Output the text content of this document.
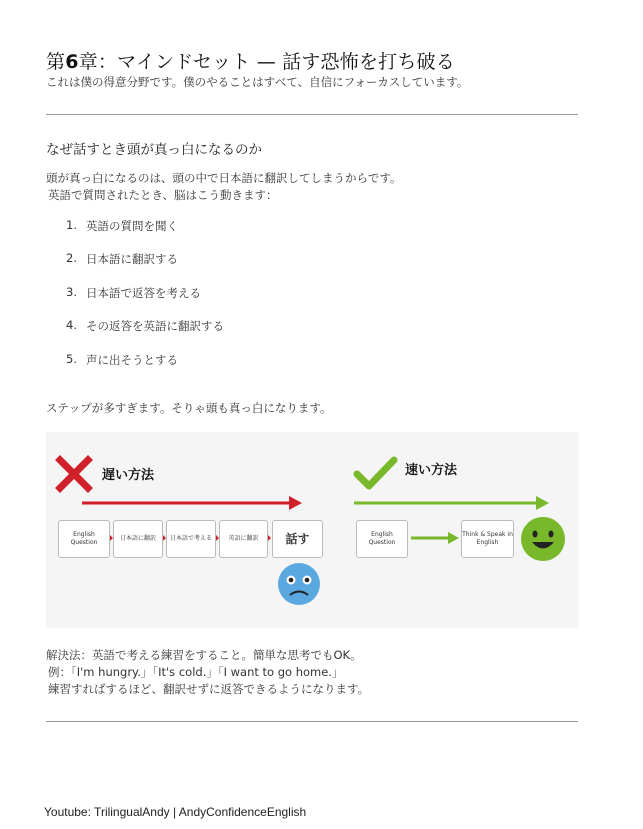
第6章：マインドセット — 話す恐怖を打ち破る
これは僕の得意分野です。僕のやることはすべて、自信にフォーカスしています。
なぜ話すとき頭が真っ白になるのか
頭が真っ白になるのは、頭の中で日本語に翻訳してしまうからです。
英語で質問されたとき、脳はこう動きます：
1. 英語の質問を聞く
2. 日本語に翻訳する
3. 日本語で返答を考える
4. その返答を英語に翻訳する
5. 声に出そうとする
ステップが多すぎます。そりゃ頭も真っ白になります。
遅い方法	速い方法
English Question
日本語に翻訳 日本語で考える	英語に翻訳 話す	English Question
Think & Speak in English
解決法：英語で考える練習をすること。簡単な思考でもOK。
例：「I'm hungry.」「It's cold.」「I want to go home.」
練習すればするほど、翻訳せずに返答できるようになります。
Youtube: TrilingualAndy | AndyConfidenceEnglish
